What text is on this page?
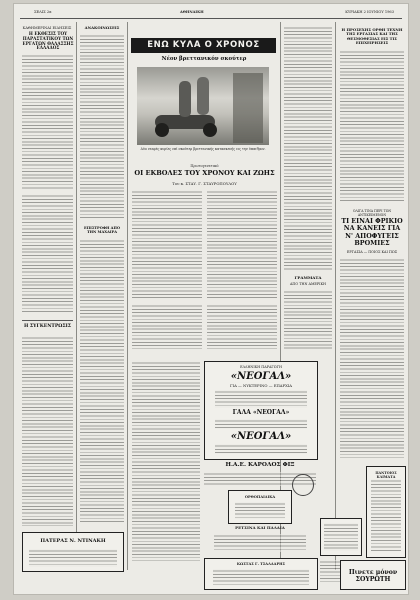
ΣΕΛΙΣ 2α	ΑΘΗΝΑΙΚΗ	ΚΥΡΙΑΚΗ 2 ΙΟΥΝΙΟΥ 1963
ΚΑΘΗΜΕΡΙΝΑΙ ΕΙΔΗΣΕΙΣ
Η ΕΚΘΕΣΙΣ ΤΟΥ ΠΑΡΑΣΤΑΤΙΚΟΥ ΤΩΝ ΕΡΓΑΤΩΝ ΘΑΛΑΣΣΗΣ ΕΛΛΑΔΟΣ
Η ΣΥΓΚΕΝΤΡΩΣΙΣ
ΠΑΤΕΡΑΣ Ν. ΝΤΙΝΑΚΗ
ΑΝΑΚΟΙΝΩΣΕΙΣ
ΕΠΙΣΤΡΟΦΗ ΑΠΟ ΤΗΝ ΜΑΧΑΙΡΑ
ΕΝΩ ΚΥΛΑ Ο ΧΡΟΝΟΣ
Νέον βρεττανικόν σκούτερ
Δύο νεαρές κυρίες επί σκούτερ βρεττανικής κατασκευής εις την ύπαιθρον.
Πρωτογενετικό
ΟΙ ΕΚΒΟΛΕΣ ΤΟΥ ΧΡΟΝΟΥ ΚΑΙ ΖΩΗΣ
Του κ. ΣΤΑΥ. Γ. ΣΤΑΥΡΟΠΟΥΛΟΥ
ΕΛΛΗΝΙΚΗ ΠΑΡΑΓΩΓΗ
«ΝΕΟΓΑΛ»
ΓΙΑ — ΝΥΚΤΕΡΙΝΟ — ΕΠΑΡΧΙΑ
ΓΑΛΑ «ΝΕΟΓΑΛ»
«ΝΕΟΓΑΛ»
Η.Α.Ε. ΚΑΡΟΛΟΣ ΦΙΞ
ΟΡΘΟΠΑΙΔΙΚΑ
ΡΕΤΣΙΝΑ ΚΑΙ ΠΑΛΑΙΑ
ΚΩΣΤΑΣ Γ. ΤΣΑΛΔΑΡΗΣ
ΓΡΑΜΜΑΤΑ
ΑΠΟ ΤΗΝ ΑΜΕΡΙΚΗ
Η ΠΡΟΣΕΧΗΣ ΟΡΘΗ ΤΕΧΝΗ ΤΗΣ ΕΡΓΑΣΙΑΣ ΚΑΙ ΤΗΣ ΘΕΣΜΟΘΕΣΙΑΣ ΕΙΣ ΤΙΣ ΕΠΙΧΕΙΡΗΣΕΙΣ
ΟΛΙΓΑ ΤΙΝΑ ΠΕΡΙ ΤΩΝ ΑΝΤΙΚΕΙΜΕΝΩΝ
ΤΙ ΕΙΝΑΙ ΦΡΙΚΙΟ ΝΑ ΚΑΝΕΙΣ ΓΙΑ Ν' ΑΠΟΦΥΓΕΙΣ ΒΡΟΜΙΕΣ
ΕΡΓΑΣΙΑ — ΠΟΙΟΣ ΚΑΙ ΠΩΣ
ΠΑΝΤΟΙΟΣ ΚΛΙΜΑΤΑ
Πινετε μόνον ΣΟΥΡΩΤΗ
